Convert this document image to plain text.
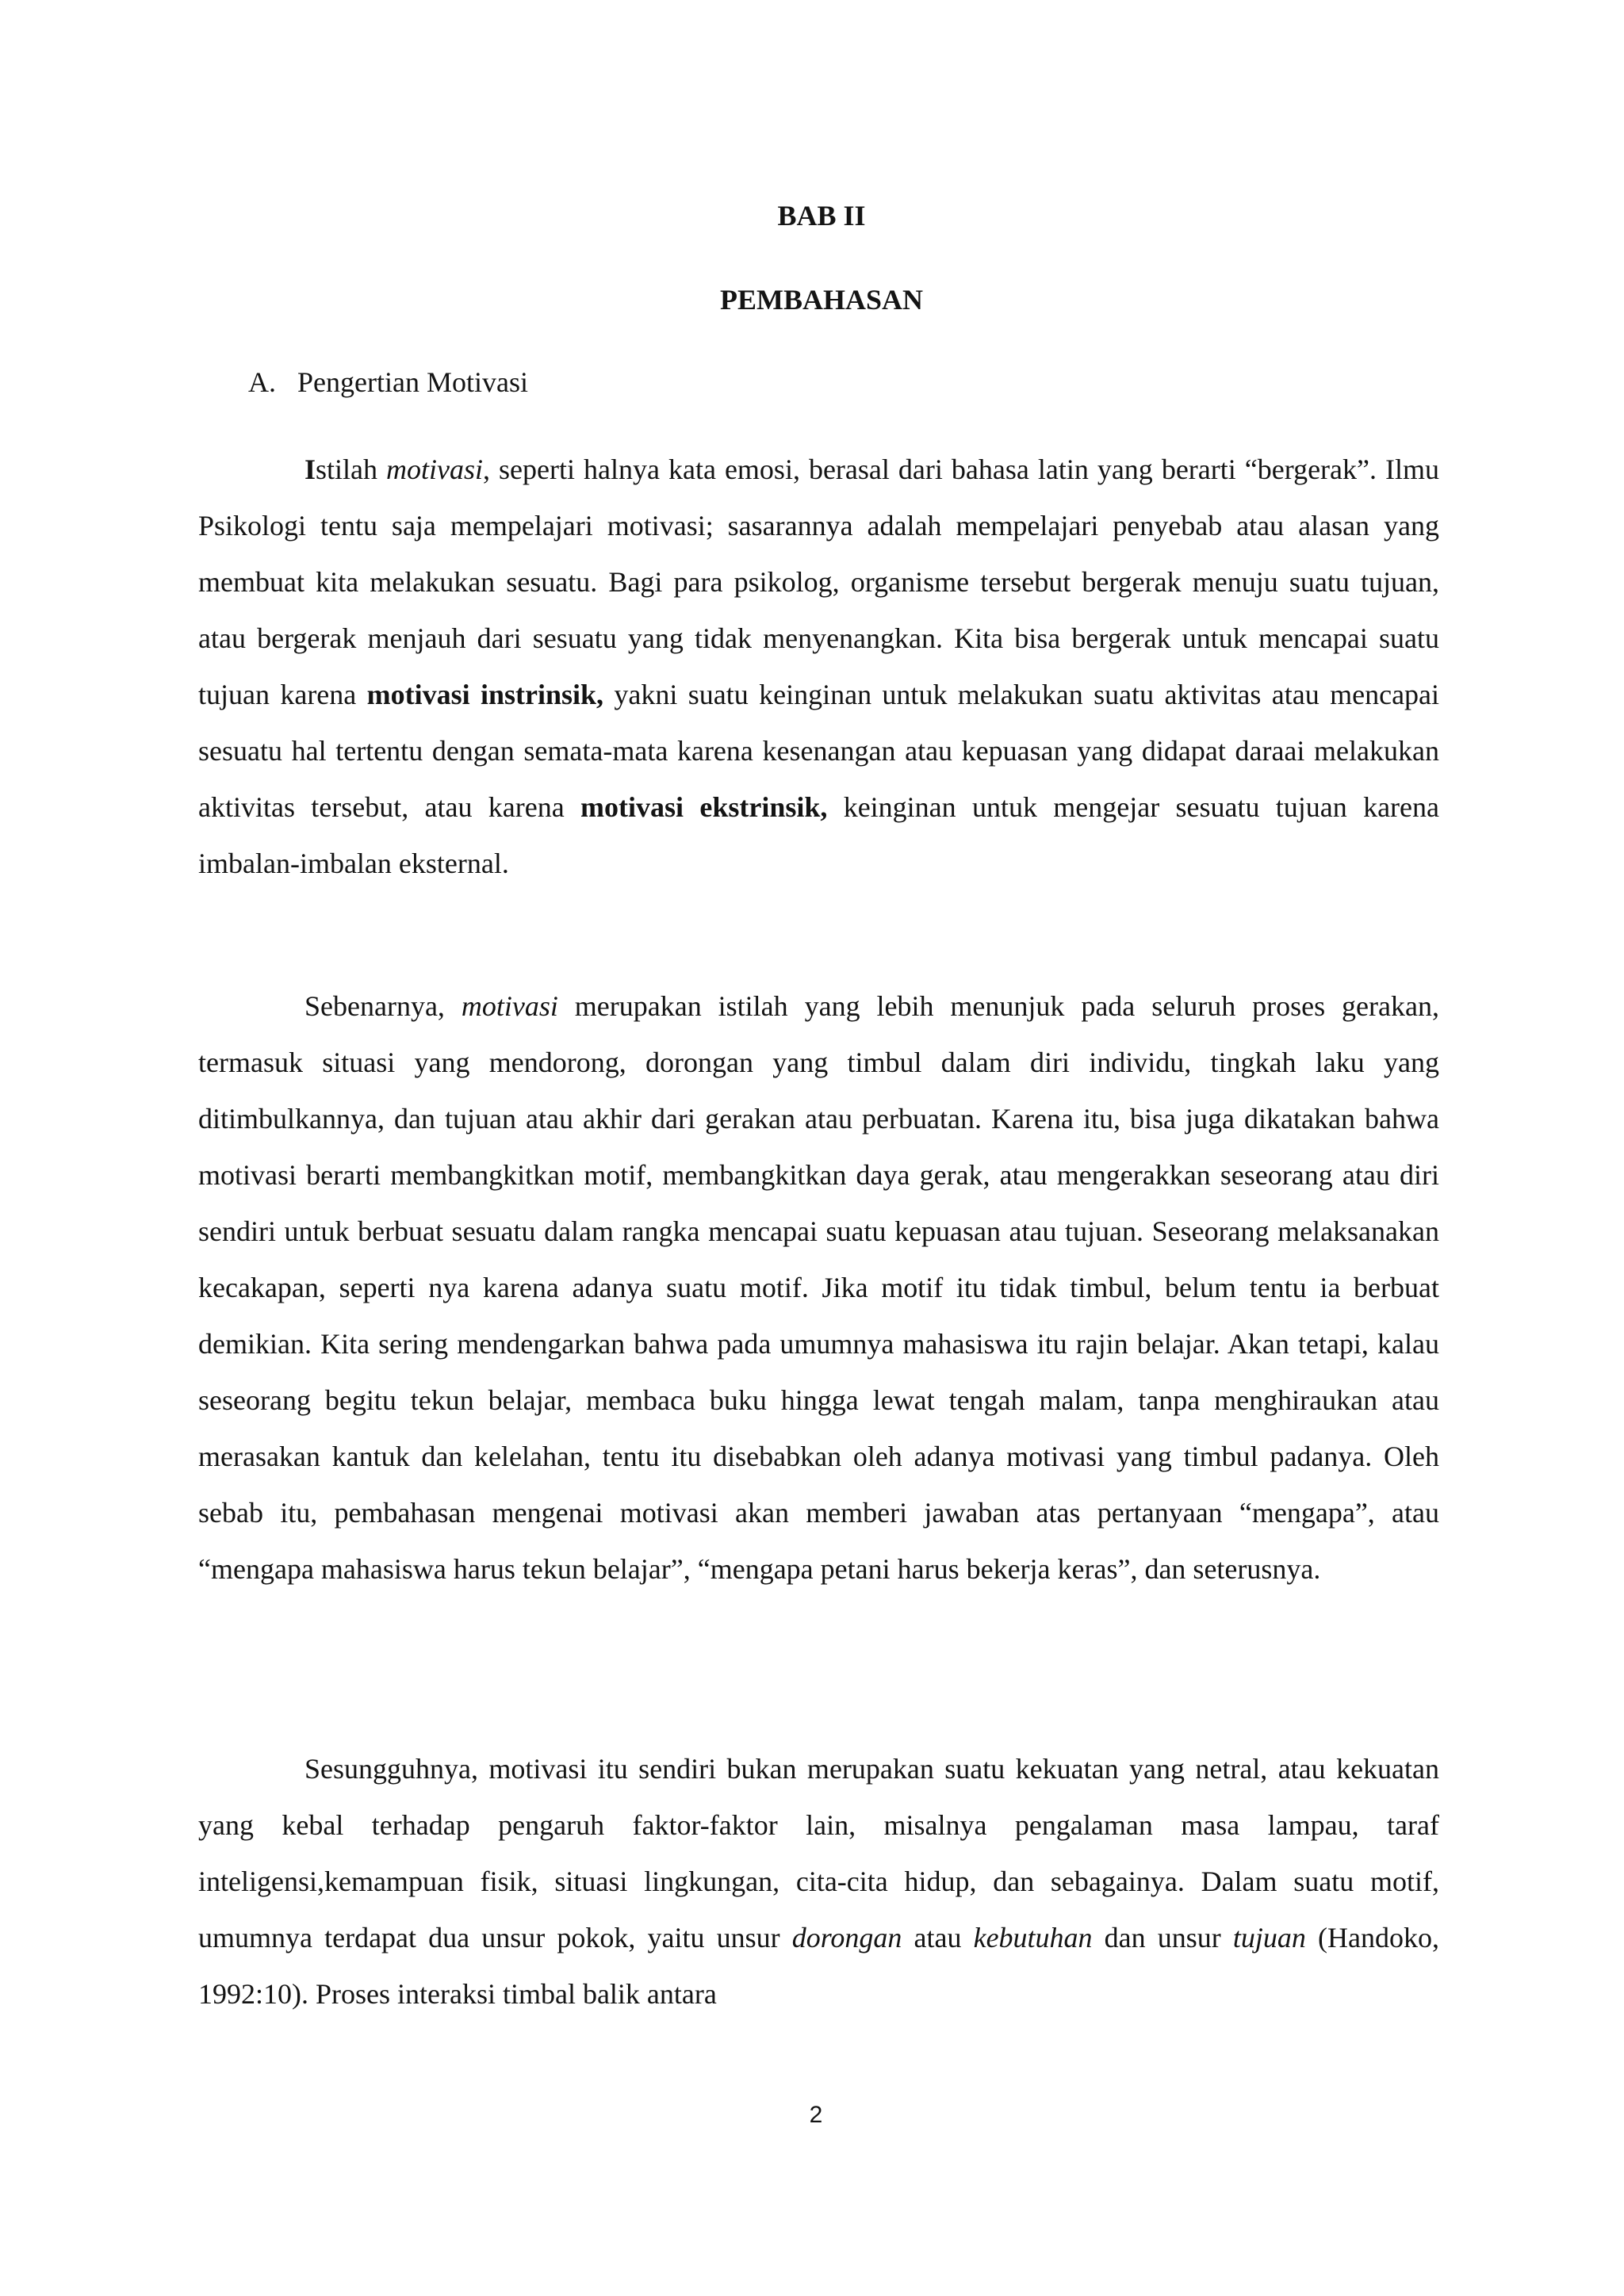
BAB II
PEMBAHASAN
A. Pengertian Motivasi

Istilah motivasi, seperti halnya kata emosi, berasal dari bahasa latin yang berarti “bergerak”. Ilmu Psikologi tentu saja mempelajari motivasi; sasarannya adalah mempelajari penyebab atau alasan yang membuat kita melakukan sesuatu. Bagi para psikolog, organisme tersebut bergerak menuju suatu tujuan, atau bergerak menjauh dari sesuatu yang tidak menyenangkan. Kita bisa bergerak untuk mencapai suatu tujuan karena motivasi instrinsik, yakni suatu keinginan untuk melakukan suatu aktivitas atau mencapai sesuatu hal tertentu dengan semata-mata karena kesenangan atau kepuasan yang didapat daraai melakukan aktivitas tersebut, atau karena motivasi ekstrinsik, keinginan untuk mengejar sesuatu tujuan karena imbalan-imbalan eksternal.

Sebenarnya, motivasi merupakan istilah yang lebih menunjuk pada seluruh proses gerakan, termasuk situasi yang mendorong, dorongan yang timbul dalam diri individu, tingkah laku yang ditimbulkannya, dan tujuan atau akhir dari gerakan atau perbuatan. Karena itu, bisa juga dikatakan bahwa motivasi berarti membangkitkan motif, membangkitkan daya gerak, atau mengerakkan seseorang atau diri sendiri untuk berbuat sesuatu dalam rangka mencapai suatu kepuasan atau tujuan. Seseorang melaksanakan kecakapan, seperti nya karena adanya suatu motif. Jika motif itu tidak timbul, belum tentu ia berbuat demikian. Kita sering mendengarkan bahwa pada umumnya mahasiswa itu rajin belajar. Akan tetapi, kalau seseorang begitu tekun belajar, membaca buku hingga lewat tengah malam, tanpa menghiraukan atau merasakan kantuk dan kelelahan, tentu itu disebabkan oleh adanya motivasi yang timbul padanya. Oleh sebab itu, pembahasan mengenai motivasi akan memberi jawaban atas pertanyaan “mengapa”, atau “mengapa mahasiswa harus tekun belajar”, “mengapa petani harus bekerja keras”, dan seterusnya.

Sesungguhnya, motivasi itu sendiri bukan merupakan suatu kekuatan yang netral, atau kekuatan yang kebal terhadap pengaruh faktor-faktor lain, misalnya pengalaman masa lampau, taraf inteligensi,kemampuan fisik, situasi lingkungan, cita-cita hidup, dan sebagainya. Dalam suatu motif, umumnya terdapat dua unsur pokok, yaitu unsur dorongan atau kebutuhan dan unsur tujuan (Handoko, 1992:10). Proses interaksi timbal balik antara

2
